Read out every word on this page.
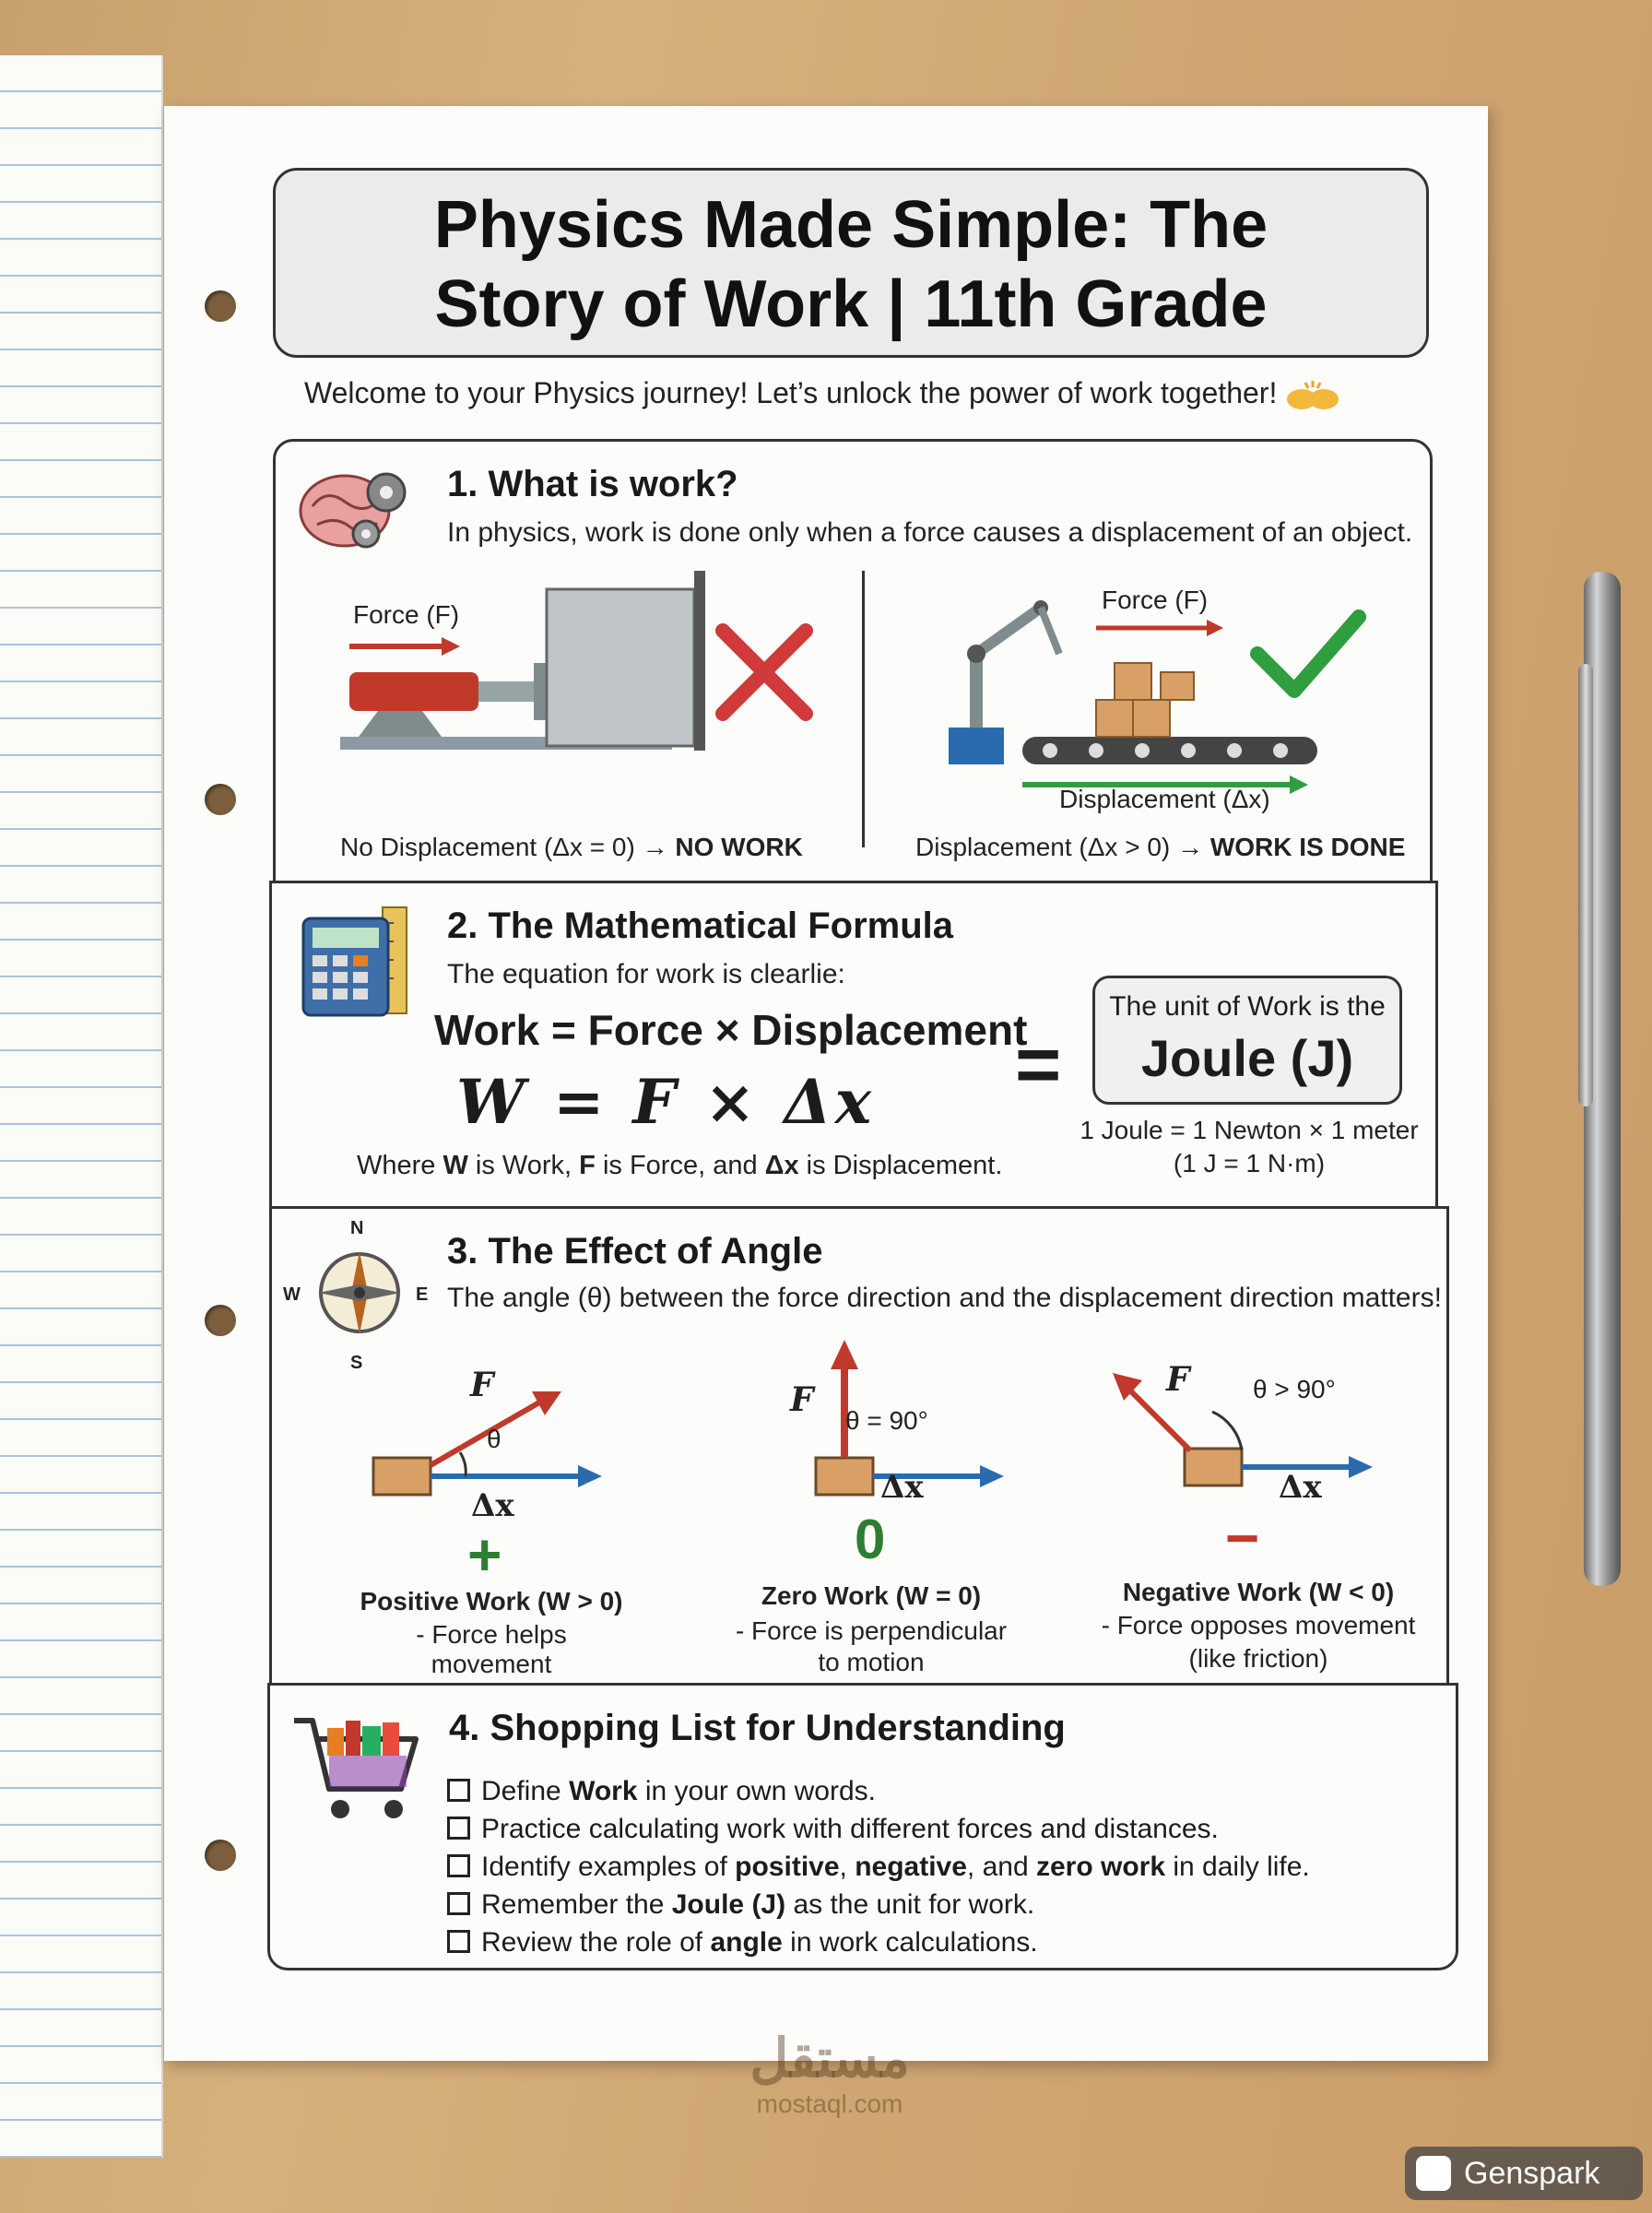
Physics Made Simple: The
Story of Work | 11th Grade
Welcome to your Physics journey! Let’s unlock the power of work together!
1. What is work?
In physics, work is done only when a force causes a displacement of an object.
Force (F)
No Displacement (Δx = 0) → NO WORK
Force (F)
Displacement (Δx)
Displacement (Δx > 0) → WORK IS DONE
2. The Mathematical Formula
The equation for work is clearlie:
Work = Force × Displacement
W = F × Δx =
The unit of Work is the
Joule (J)
1 Joule = 1 Newton × 1 meter
(1 J = 1 N·m)
Where W is Work, F is Force, and Δx is Displacement.
N
S
E
W
3. The Effect of Angle
The angle (θ) between the force direction and the displacement direction matters!
F
θ
Δx
+
Positive Work (W > 0)
- Force helps movement
F
θ = 90°
Δx
0
Zero Work (W = 0)
- Force is perpendicular
to motion
F θ > 90°
Δx
−
Negative Work (W < 0)
- Force opposes movement
(like friction)
4. Shopping List for Understanding
Define Work in your own words.
Practice calculating work with different forces and distances.
Identify examples of positive, negative, and zero work in daily life.
Remember the Joule (J) as the unit for work.
Review the role of angle in work calculations.
مستقل
mostaql.com
Genspark
